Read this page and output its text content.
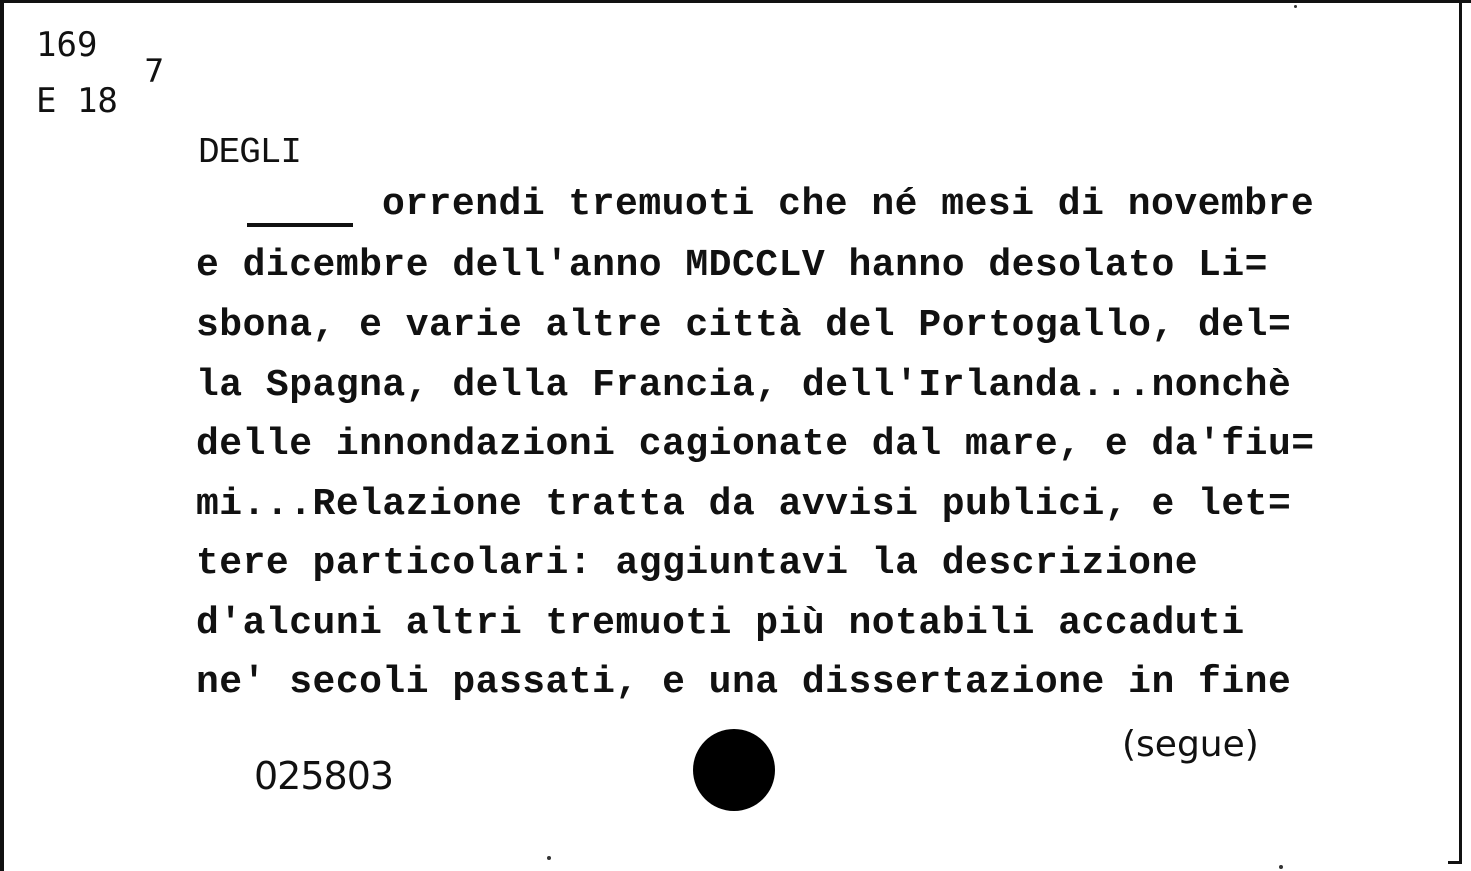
169
E 18
7
DEGLI
orrendi tremuoti che né mesi di novembre
e dicembre dell'anno MDCCLV hanno desolato Li=
sbona, e varie altre città del Portogallo, del=
la Spagna, della Francia, dell'Irlanda...nonchè
delle innondazioni cagionate dal mare, e da'fiu=
mi...Relazione tratta da avvisi publici, e let=
tere particolari: aggiuntavi la descrizione
d'alcuni altri tremuoti più notabili accaduti
ne' secoli passati, e una dissertazione in fine
(segue)
025803
